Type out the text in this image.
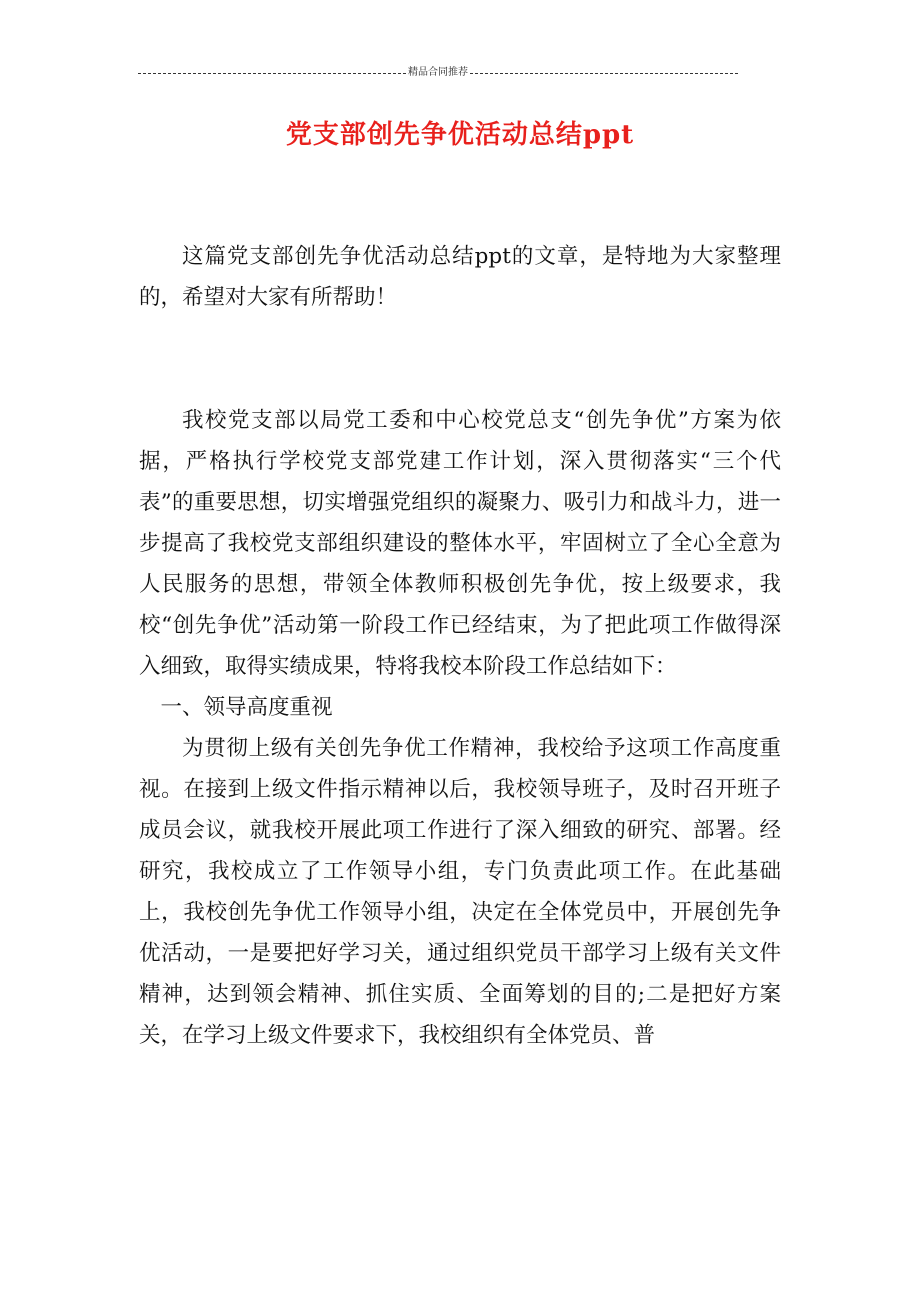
精品合同推荐
党支部创先争优活动总结ppt

这篇党支部创先争优活动总结ppt的文章，是特地为大家整理的，希望对大家有所帮助！

我校党支部以局党工委和中心校党总支“创先争优”方案为依据，严格执行学校党支部党建工作计划，深入贯彻落实“三个代表”的重要思想，切实增强党组织的凝聚力、吸引力和战斗力，进一步提高了我校党支部组织建设的整体水平，牢固树立了全心全意为人民服务的思想，带领全体教师积极创先争优，按上级要求，我校“创先争优”活动第一阶段工作已经结束，为了把此项工作做得深入细致，取得实绩成果，特将我校本阶段工作总结如下：

一、领导高度重视

为贯彻上级有关创先争优工作精神，我校给予这项工作高度重视。在接到上级文件指示精神以后，我校领导班子，及时召开班子成员会议，就我校开展此项工作进行了深入细致的研究、部署。经研究，我校成立了工作领导小组，专门负责此项工作。在此基础上，我校创先争优工作领导小组，决定在全体党员中，开展创先争优活动，一是要把好学习关，通过组织党员干部学习上级有关文件精神，达到领会精神、抓住实质、全面筹划的目的;二是把好方案关，在学习上级文件要求下，我校组织有全体党员、普
